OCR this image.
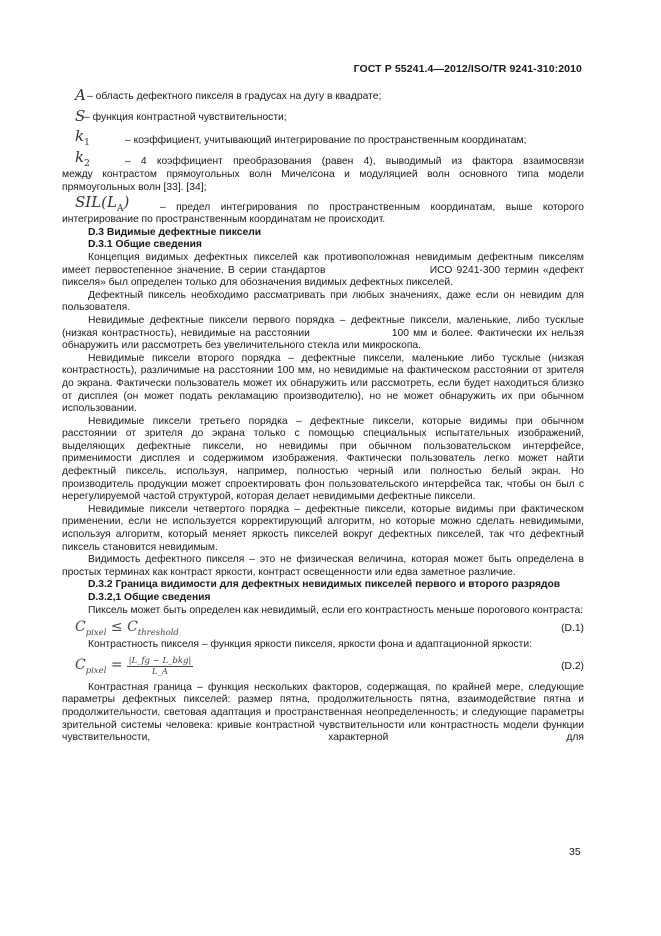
ГОСТ Р 55241.4—2012/ISO/TR 9241-310:2010
A – область дефектного пикселя в градусах на дугу в квадрате;
S
– функция контрастной чувствительности;
$k_1$	– коэффициент, учитывающий интегрирование по пространственным координатам;
$k_2$	– 4 коэффициент преобразования (равен 4), выводимый из фактора взаимосвязи

между контрастом прямоугольных волн Мичелсона и модуляцией волн основного типа модели прямоугольных волн [33]. [34];

$SIL(L_A)$	– предел интегрирования по пространственным координатам, выше которого

интегрирование по пространственным координатам не происходит.

D.3 Видимые дефектные пиксели

D.3.1 Общие сведения

Концепция видимых дефектных пикселей как противоположная невидимым дефектным пикселям имеет первостепенное значение. В серии стандартов                         ИСО 9241-300 термин «дефект пикселя» был определен только для обозначения видимых дефектных пикселей.

Дефектный пиксель необходимо рассматривать при любых значениях, даже если он невидим для пользователя.

Невидимые дефектные пиксели первого порядка – дефектные пиксели, маленькие, либо тусклые (низкая контрастность), невидимые на расстоянии                    100 мм и более. Фактически их нельзя обнаружить или рассмотреть без увеличительного стекла или микроскопа.

Невидимые пиксели второго порядка – дефектные пиксели, маленькие либо тусклые (низкая контрастность), различимые на расстоянии 100 мм, но невидимые на фактическом расстоянии от зрителя до экрана. Фактически пользователь может их обнаружить или рассмотреть, если будет находиться близко от дисплея (он может подать рекламацию производителю), но не может обнаружить их при обычном использовании.

Невидимые пиксели третьего порядка – дефектные пиксели, которые видимы при обычном расстоянии от зрителя до экрана только с помощью специальных испытательных изображений, выделяющих дефектные пиксели, но невидимы при обычном пользовательском интерфейсе, применимости дисплея и содержимом изображения. Фактически пользователь легко может найти дефектный пиксель, используя, например, полностью черный или полностью белый экран. Но производитель продукции может спроектировать фон пользовательского интерфейса так, чтобы он был с нерегулируемой частой структурой, которая делает невидимыми дефектные пиксели.

Невидимые пиксели четвертого порядка – дефектные пиксели, которые видимы при фактическом применении, если не используется корректирующий алгоритм, но которые можно сделать невидимыми, используя алгоритм, который меняет яркость пикселей вокруг дефектных пикселей, так что дефектный пиксель становится невидимым.

Видимость дефектного пикселя – это не физическая величина, которая может быть определена в простых терминах как контраст яркости, контраст освещенности или едва заметное различие.

D.3.2 Граница видимости для дефектных невидимых пикселей первого и второго разрядов

D.3.2,1 Общие сведения

Пиксель может быть определен как невидимый, если его контрастность меньше порогового контраста:

$C_{pixel} \le C_{threshold}$	(D.1)

Контрастность пикселя – функция яркости пикселя, яркости фона и адаптационной яркости:

$C_{pixel} = \frac{\text{|L\_fg − L\_bkg|}}{L\_A}$	(D.2)

Контрастная граница – функция нескольких факторов, содержащая, по крайней мере, следующие параметры дефектных пикселей: размер пятна, продолжительность пятна, взаимодействие пятна и продолжительности, световая адаптация и пространственная неопределенность; и следующие параметры зрительной системы человека: кривые контрастной чувствительности или контрастность модели функции чувствительности, характерной для

35
